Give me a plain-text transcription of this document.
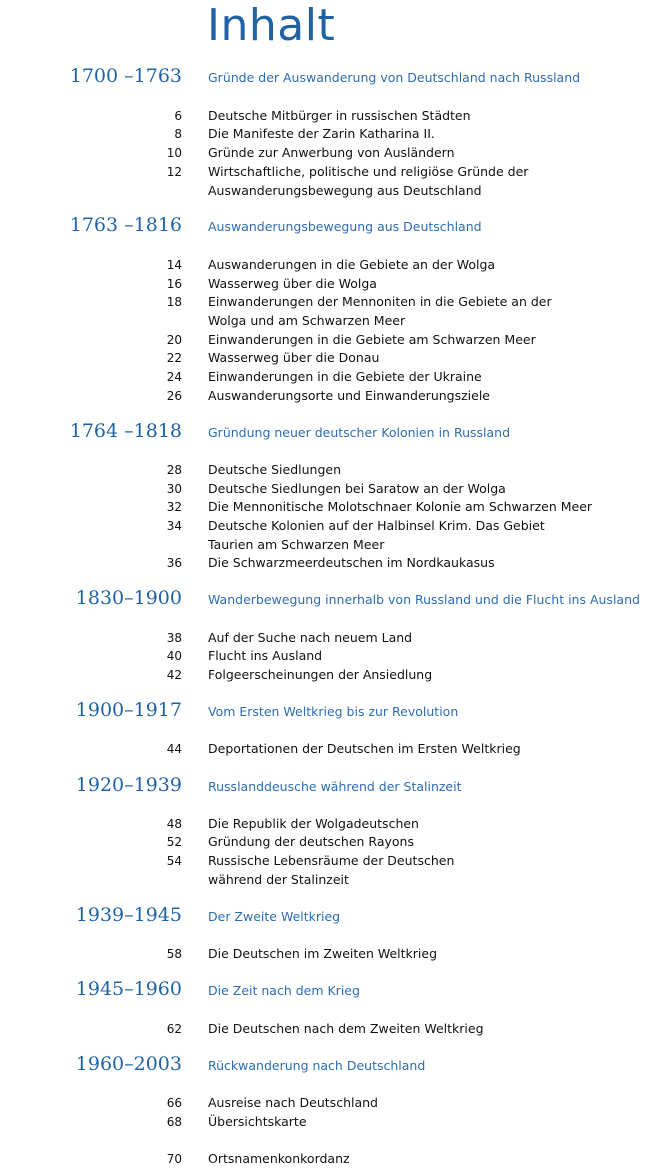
Inhalt
1700 –1763 Gründe der Auswanderung von Deutschland nach Russland
6 Deutsche Mitbürger in russischen Städten
8 Die Manifeste der Zarin Katharina II.
10 Gründe zur Anwerbung von Ausländern
12 Wirtschaftliche, politische und religiöse Gründe der
Auswanderungsbewegung aus Deutschland
1763 –1816 Auswanderungsbewegung aus Deutschland
14 Auswanderungen in die Gebiete an der Wolga
16 Wasserweg über die Wolga
18 Einwanderungen der Mennoniten in die Gebiete an der
Wolga und am Schwarzen Meer
20 Einwanderungen in die Gebiete am Schwarzen Meer
22 Wasserweg über die Donau
24 Einwanderungen in die Gebiete der Ukraine
26 Auswanderungsorte und Einwanderungsziele
1764 –1818 Gründung neuer deutscher Kolonien in Russland
28 Deutsche Siedlungen
30 Deutsche Siedlungen bei Saratow an der Wolga
32 Die Mennonitische Molotschnaer Kolonie am Schwarzen Meer
34 Deutsche Kolonien auf der Halbinsel Krim. Das Gebiet
Taurien am Schwarzen Meer
36 Die Schwarzmeerdeutschen im Nordkaukasus
1830–1900 Wanderbewegung innerhalb von Russland und die Flucht ins Ausland
38 Auf der Suche nach neuem Land
40 Flucht ins Ausland
42 Folgeerscheinungen der Ansiedlung
1900–1917 Vom Ersten Weltkrieg bis zur Revolution
44 Deportationen der Deutschen im Ersten Weltkrieg
1920–1939 Russlanddeusche während der Stalinzeit
48 Die Republik der Wolgadeutschen
52 Gründung der deutschen Rayons
54 Russische Lebensräume der Deutschen
während der Stalinzeit
1939–1945 Der Zweite Weltkrieg
58 Die Deutschen im Zweiten Weltkrieg
1945–1960 Die Zeit nach dem Krieg
62 Die Deutschen nach dem Zweiten Weltkrieg
1960–2003 Rückwanderung nach Deutschland
66 Ausreise nach Deutschland
68 Übersichtskarte
70 Ortsnamenkonkordanz
